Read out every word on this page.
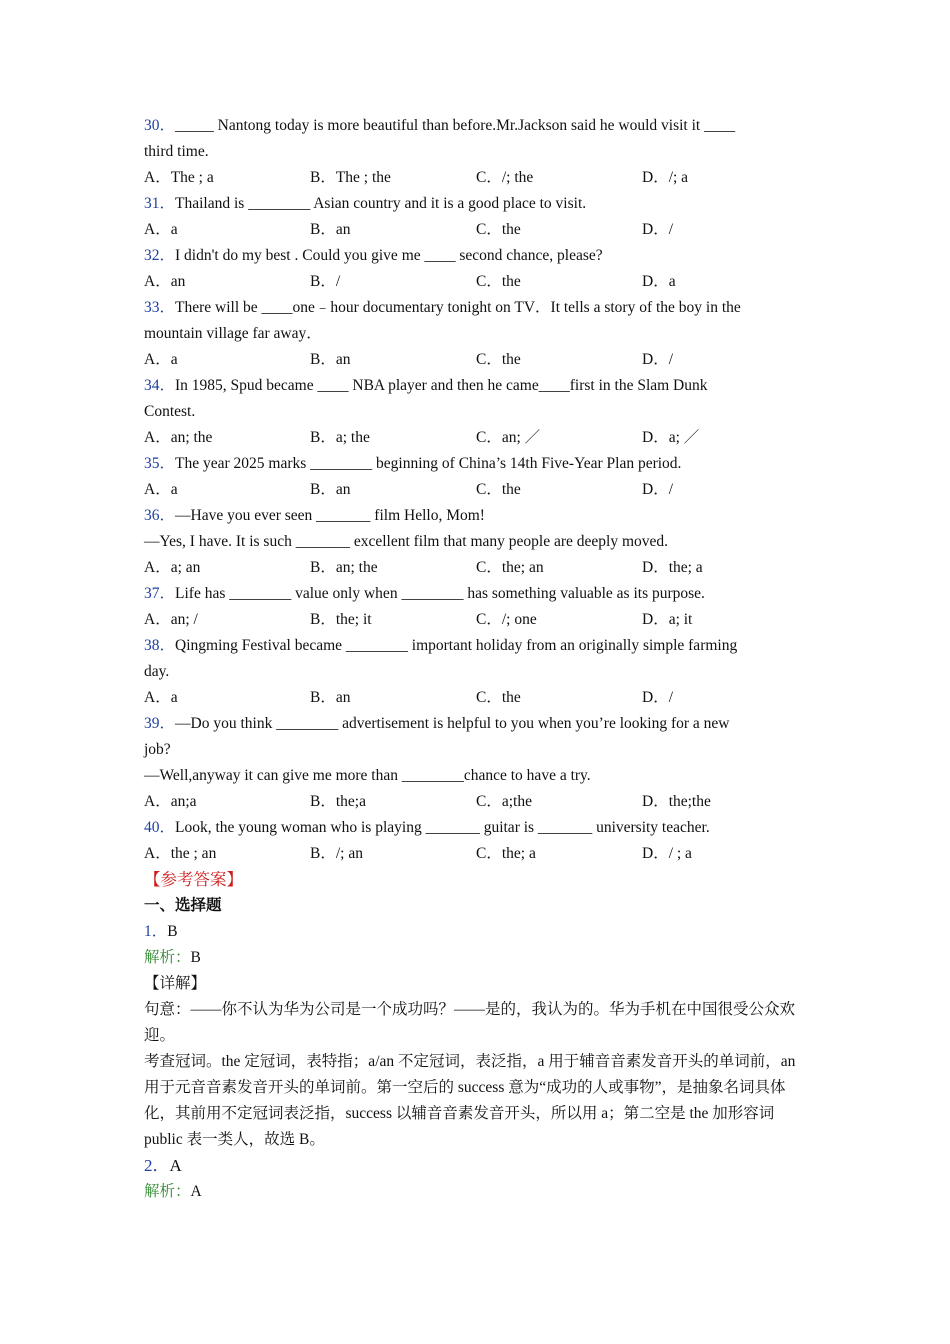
30．_____ Nantong today is more beautiful than before.Mr.Jackson said he would visit it ____
third time.
A．The ; a	B．The ; the	C．/; the	D．/; a
31．Thailand is ________ Asian country and it is a good place to visit.
A．a	B．an	C．the	D．/
32．I didn't do my best . Could you give me ____ second chance, please?
A．an	B．/	C．the	D．a
33．There will be ____one﹣hour documentary tonight on TV．It tells a story of the boy in the
mountain village far away．
A．a	B．an	C．the	D．/
34．In 1985, Spud became ____ NBA player and then he came____first in the Slam Dunk
Contest.
A．an; the	B．a; the	C．an; ／	D．a; ／
35．The year 2025 marks ________ beginning of China’s 14th Five-Year Plan period.
A．a	B．an	C．the	D．/
36．—Have you ever seen _______ film Hello, Mom!
—Yes, I have. It is such _______ excellent film that many people are deeply moved.
A．a; an	B．an; the	C．the; an	D．the; a
37．Life has ________ value only when ________ has something valuable as its purpose.
A．an; /	B．the; it	C．/; one	D．a; it
38．Qingming Festival became ________ important holiday from an originally simple farming
day.
A．a	B．an	C．the	D．/
39．—Do you think ________ advertisement is helpful to you when you’re looking for a new
job?
—Well,anyway it can give me more than ________chance to have a try.
A．an;a	B．the;a	C．a;the	D．the;the
40．Look, the young woman who is playing _______ guitar is _______ university teacher.
A．the ; an	B．/; an	C．the; a	D．/ ; a
【参考答案】
一、选择题
1．B
解析：B
【详解】
句意：——你不认为华为公司是一个成功吗？——是的，我认为的。华为手机在中国很受公众欢迎。
考查冠词。the 定冠词，表特指；a/an 不定冠词，表泛指，a 用于辅音音素发音开头的单词前，an 用于元音音素发音开头的单词前。第一空后的 success 意为“成功的人或事物”，是抽象名词具体化，其前用不定冠词表泛指，success 以辅音音素发音开头，所以用 a；第二空是 the 加形容词 public 表一类人，故选 B。
2．A
解析：A
